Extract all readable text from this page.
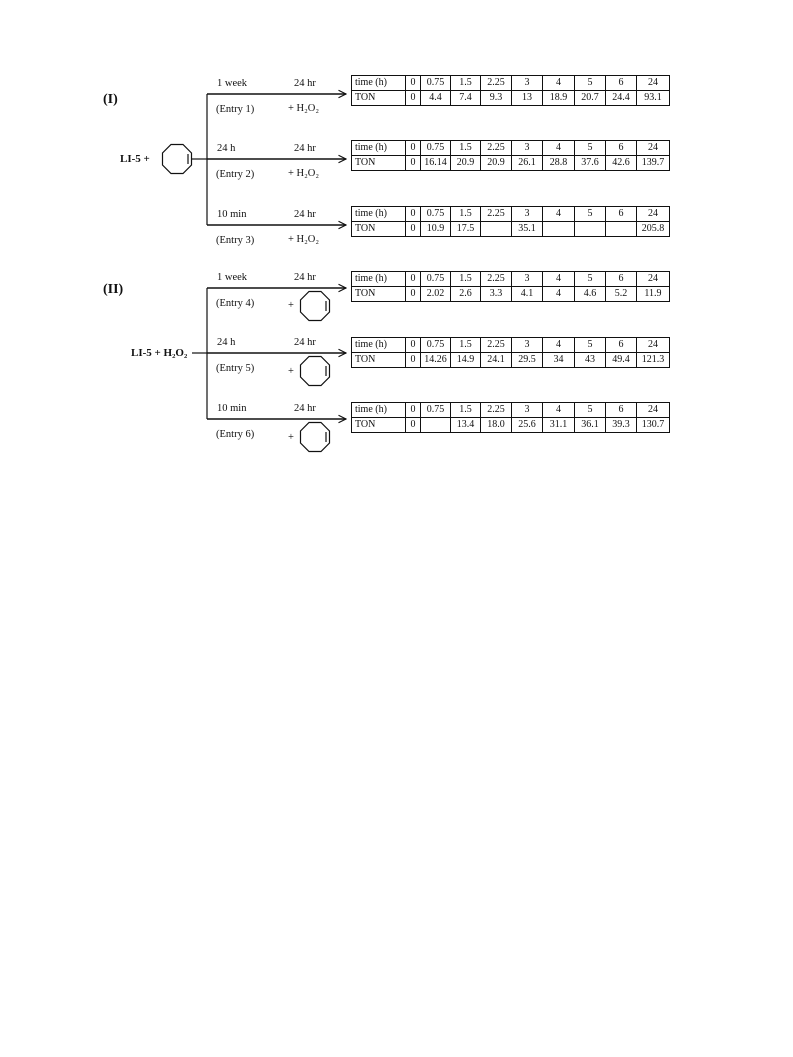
(I)
LI-5 +
1 week
(Entry 1)
24 hr
+ H₂O₂
24 h
(Entry 2)
24 hr
+ H₂O₂
10 min
(Entry 3)
24 hr
+ H₂O₂
(II)
LI-5 + H₂O₂
1 week
(Entry 4)
24 hr
+
24 h
(Entry 5)
24 hr
+
10 min
(Entry 6)
24 hr
+
time (h)	0	0.75	1.5	2.25	3	4	5	6	24
TON	0	4.4	7.4	9.3	13	18.9	20.7	24.4	93.1
time (h)	0	0.75	1.5	2.25	3	4	5	6	24
TON	0	16.14	20.9	20.9	26.1	28.8	37.6	42.6	139.7
time (h)	0	0.75	1.5	2.25	3	4	5	6	24
TON	0	10.9	17.5		35.1				205.8
time (h)	0	0.75	1.5	2.25	3	4	5	6	24
TON	0	2.02	2.6	3.3	4.1	4	4.6	5.2	11.9
time (h)	0	0.75	1.5	2.25	3	4	5	6	24
TON	0	14.26	14.9	24.1	29.5	34	43	49.4	121.3
time (h)	0	0.75	1.5	2.25	3	4	5	6	24
TON	0		13.4	18.0	25.6	31.1	36.1	39.3	130.7
